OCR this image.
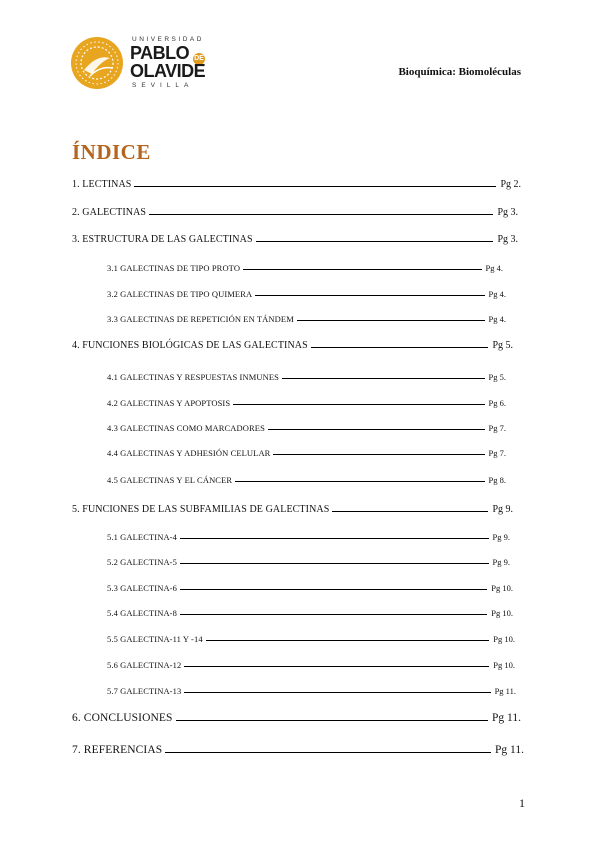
UNIVERSIDAD
PABLO DE
OLAVIDE
SEVILLA
Bioquímica: Biomoléculas
ÍNDICE
1. LECTINAS	Pg 2.
2. GALECTINAS	Pg 3.
3. ESTRUCTURA DE LAS GALECTINAS	Pg 3.
3.1 GALECTINAS DE TIPO PROTO	Pg 4.
3.2 GALECTINAS DE TIPO QUIMERA	Pg 4.
3.3 GALECTINAS DE REPETICIÓN EN TÁNDEM	Pg 4.
4. FUNCIONES BIOLÓGICAS DE LAS GALECTINAS	Pg 5.
4.1 GALECTINAS Y RESPUESTAS INMUNES	Pg 5.
4.2 GALECTINAS Y APOPTOSIS	Pg 6.
4.3 GALECTINAS COMO MARCADORES	Pg 7.
4.4 GALECTINAS Y ADHESIÓN CELULAR	Pg 7.
4.5 GALECTINAS Y EL CÁNCER	Pg 8.
5. FUNCIONES DE LAS SUBFAMILIAS DE GALECTINAS	Pg 9.
5.1 GALECTINA-4	Pg 9.
5.2 GALECTINA-5	Pg 9.
5.3 GALECTINA-6	Pg 10.
5.4 GALECTINA-8	Pg 10.
5.5 GALECTINA-11 Y -14	Pg 10.
5.6 GALECTINA-12	Pg 10.
5.7 GALECTINA-13	Pg 11.
6. CONCLUSIONES	Pg 11.
7. REFERENCIAS	Pg 11.
1
